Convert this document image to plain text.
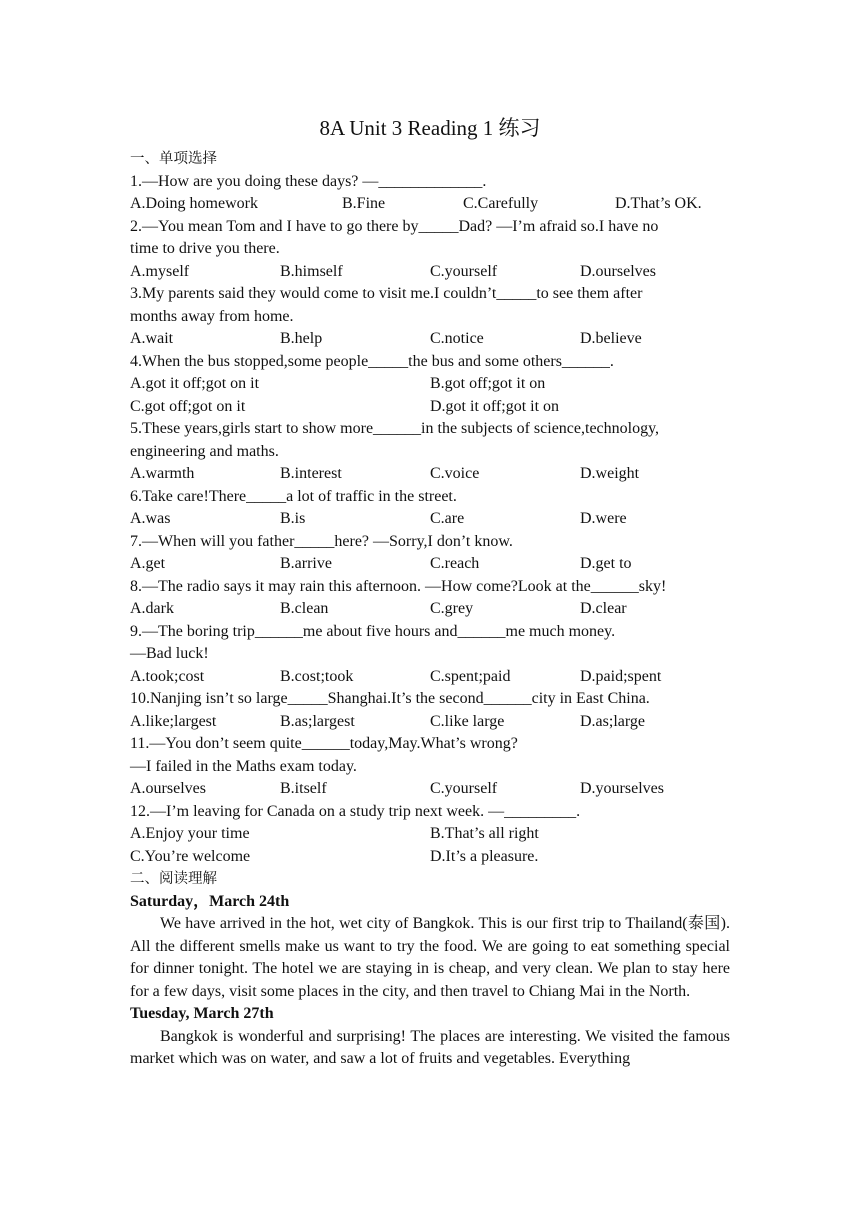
8A Unit 3 Reading 1 练习
一、单项选择
1.—How are you doing these days? —_____________.
A.Doing homework	B.Fine	C.Carefully	D.That’s OK.
2.—You mean Tom and I have to go there by_____Dad? —I’m afraid so.I have no
time to drive you there.
A.myself	B.himself	C.yourself	D.ourselves
3.My parents said they would come to visit me.I couldn’t_____to see them after
months away from home.
A.wait	B.help	C.notice	D.believe
4.When the bus stopped,some people_____the bus and some others______.
A.got it off;got on it	B.got off;got it on
C.got off;got on it	D.got it off;got it on
5.These years,girls start to show more______in the subjects of science,technology,
engineering and maths.
A.warmth	B.interest	C.voice	D.weight
6.Take care!There_____a lot of traffic in the street.
A.was	B.is	C.are	D.were
7.—When will you father_____here? —Sorry,I don’t know.
A.get	B.arrive	C.reach	D.get to
8.—The radio says it may rain this afternoon. —How come?Look at the______sky!
A.dark	B.clean	C.grey	D.clear
9.—The boring trip______me about five hours and______me much money.
—Bad luck!
A.took;cost	B.cost;took	C.spent;paid	D.paid;spent
10.Nanjing isn’t so large_____Shanghai.It’s the second______city in East China.
A.like;largest	B.as;largest	C.like large	D.as;large
11.—You don’t seem quite______today,May.What’s wrong?
—I failed in the Maths exam today.
A.ourselves	B.itself	C.yourself	D.yourselves
12.—I’m leaving for Canada on a study trip next week. —_________.
A.Enjoy your time	B.That’s all right
C.You’re welcome	D.It’s a pleasure.
二、阅读理解
Saturday，March 24th
We have arrived in the hot, wet city of Bangkok. This is our first trip to Thailand(泰国). All the different smells make us want to try the food. We are going to eat something special for dinner tonight. The hotel we are staying in is cheap, and very clean. We plan to stay here for a few days, visit some places in the city, and then travel to Chiang Mai in the North.
Tuesday, March 27th
Bangkok is wonderful and surprising! The places are interesting. We visited the famous market which was on water, and saw a lot of fruits and vegetables. Everything
